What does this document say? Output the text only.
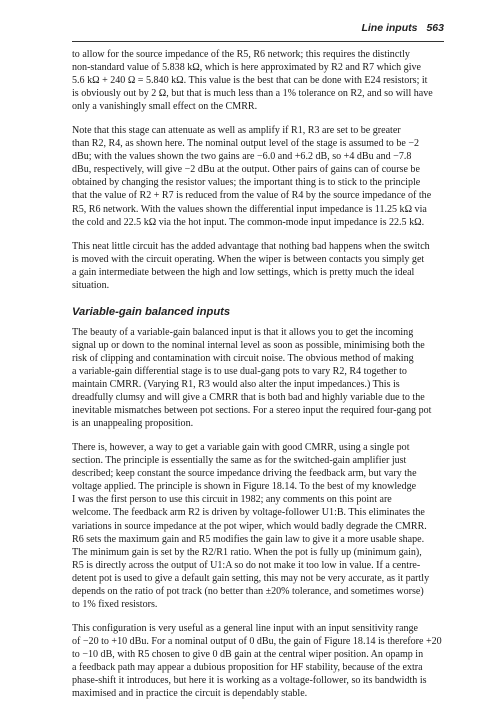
Line inputs 563

to allow for the source impedance of the R5, R6 network; this requires the distinctly
non-standard value of 5.838 kΩ, which is here approximated by R2 and R7 which give
5.6 kΩ + 240 Ω = 5.840 kΩ. This value is the best that can be done with E24 resistors; it
is obviously out by 2 Ω, but that is much less than a 1% tolerance on R2, and so will have
only a vanishingly small effect on the CMRR.

Note that this stage can attenuate as well as amplify if R1, R3 are set to be greater
than R2, R4, as shown here. The nominal output level of the stage is assumed to be −2
dBu; with the values shown the two gains are −6.0 and +6.2 dB, so +4 dBu and −7.8
dBu, respectively, will give −2 dBu at the output. Other pairs of gains can of course be
obtained by changing the resistor values; the important thing is to stick to the principle
that the value of R2 + R7 is reduced from the value of R4 by the source impedance of the
R5, R6 network. With the values shown the differential input impedance is 11.25 kΩ via
the cold and 22.5 kΩ via the hot input. The common-mode input impedance is 22.5 kΩ.

This neat little circuit has the added advantage that nothing bad happens when the switch
is moved with the circuit operating. When the wiper is between contacts you simply get
a gain intermediate between the high and low settings, which is pretty much the ideal
situation.

Variable-gain balanced inputs

The beauty of a variable-gain balanced input is that it allows you to get the incoming
signal up or down to the nominal internal level as soon as possible, minimising both the
risk of clipping and contamination with circuit noise. The obvious method of making
a variable-gain differential stage is to use dual-gang pots to vary R2, R4 together to
maintain CMRR. (Varying R1, R3 would also alter the input impedances.) This is
dreadfully clumsy and will give a CMRR that is both bad and highly variable due to the
inevitable mismatches between pot sections. For a stereo input the required four-gang pot
is an unappealing proposition.

There is, however, a way to get a variable gain with good CMRR, using a single pot
section. The principle is essentially the same as for the switched-gain amplifier just
described; keep constant the source impedance driving the feedback arm, but vary the
voltage applied. The principle is shown in Figure 18.14. To the best of my knowledge
I was the first person to use this circuit in 1982; any comments on this point are
welcome. The feedback arm R2 is driven by voltage-follower U1:B. This eliminates the
variations in source impedance at the pot wiper, which would badly degrade the CMRR.
R6 sets the maximum gain and R5 modifies the gain law to give it a more usable shape.
The minimum gain is set by the R2/R1 ratio. When the pot is fully up (minimum gain),
R5 is directly across the output of U1:A so do not make it too low in value. If a centre-
detent pot is used to give a default gain setting, this may not be very accurate, as it partly
depends on the ratio of pot track (no better than ±20% tolerance, and sometimes worse)
to 1% fixed resistors.

This configuration is very useful as a general line input with an input sensitivity range
of −20 to +10 dBu. For a nominal output of 0 dBu, the gain of Figure 18.14 is therefore +20
to −10 dB, with R5 chosen to give 0 dB gain at the central wiper position. An opamp in
a feedback path may appear a dubious proposition for HF stability, because of the extra
phase-shift it introduces, but here it is working as a voltage-follower, so its bandwidth is
maximised and in practice the circuit is dependably stable.
